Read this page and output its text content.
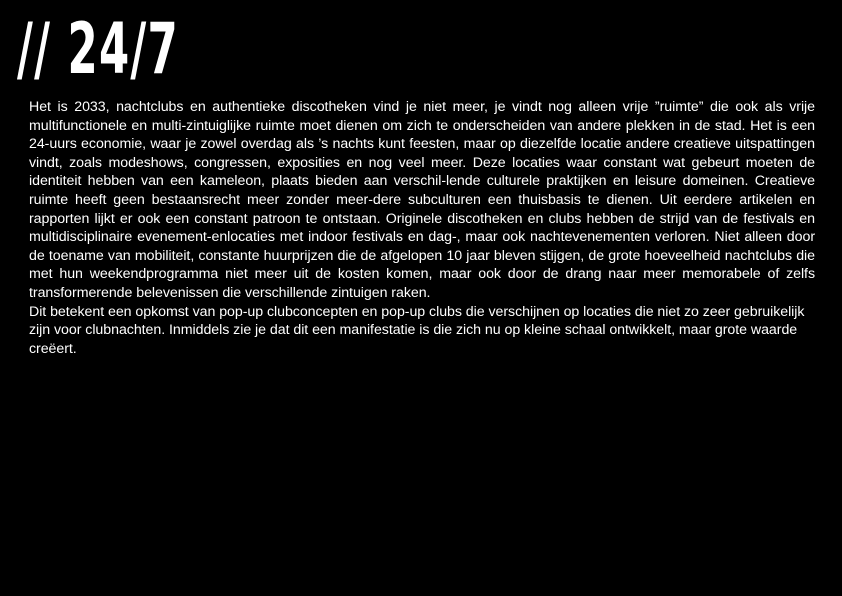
// 24/7

Het is 2033, nachtclubs en authentieke discotheken vind je niet meer, je vindt nog alleen vrije ”ruimte” die ook als vrije multifunctionele en multi-zintuiglijke ruimte moet dienen om zich te onderscheiden van andere plekken in de stad. Het is een 24-uurs economie, waar je zowel overdag als ’s nachts kunt feesten, maar op diezelfde locatie andere creatieve uitspattingen vindt, zoals modeshows, congressen, exposities en nog veel meer. Deze locaties waar constant wat gebeurt moeten de identiteit hebben van een kameleon, plaats bieden aan verschil-lende culturele praktijken en leisure domeinen. Creatieve ruimte heeft geen bestaansrecht meer zonder meer-dere subculturen een thuisbasis te dienen. Uit eerdere artikelen en rapporten lijkt er ook een constant patroon te ontstaan. Originele discotheken en clubs hebben de strijd van de festivals en multidisciplinaire evenement-enlocaties met indoor festivals en dag-, maar ook nachtevenementen verloren. Niet alleen door de toename van mobiliteit, constante huurprijzen die de afgelopen 10 jaar bleven stijgen, de grote hoeveelheid nachtclubs die met hun weekendprogramma niet meer uit de kosten komen, maar ook door de drang naar meer memorabele of zelfs transformerende belevenissen die verschillende zintuigen raken.

Dit betekent een opkomst van pop-up clubconcepten en pop-up clubs die verschijnen op locaties die niet zo zeer gebruikelijk zijn voor clubnachten. Inmiddels zie je dat dit een manifestatie is die zich nu op kleine schaal ontwikkelt, maar grote waarde creëert.
